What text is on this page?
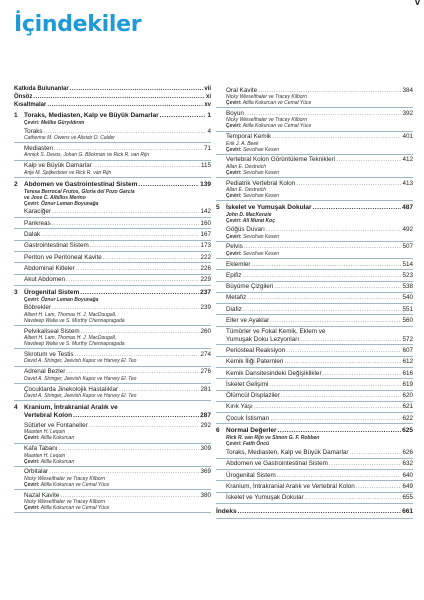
v
İçindekiler
Katkıda Bulunanlar .....	vii
Önsöz .....	xi
Kısaltmalar .....	xv
1 Toraks, Mediasten, Kalp ve Büyük Damarlar .....	1
Çeviri: Melike Güryıldırım
Toraks .....	4
Catherine M. Owens ve Alistair D. Calder
Mediasten .....	71
Annick S. Devos, Johan G. Blickman ve Rick R. van Rijn
Kalp ve Büyük Damarlar .....	115
Anje M. Spijkerboer ve Rick R. van Rijn
2 Abdomen ve Gastrointestinal Sistem .....	139
Teresa Berrocal Frutos, Gloria del Pozo Garcia
ve Jose C. Albillos Merino
Çeviri: Öznur Leman Boyunağa
Karaciğer .....	142
Pankreas .....	160
Dalak .....	167
Gastrointestinal Sistem .....	173
Periton ve Peritoneal Kavite .....	222
Abdominal Kitleler .....	226
Akut Abdomen .....	229
3 Ürogenital Sistem .....	237
Çeviri: Öznur Leman Boyunağa
Böbrekler .....	239
Albert H. Lam, Thomas H. J. MacDougall,
Navdeep Walia ve S. Murthy Chennapragada
Pelvikaliseal Sistem .....	260
Albert H. Lam, Thomas H. J. MacDougall,
Navdeep Walia ve S. Murthy Chennapragada
Skrotum ve Testis .....	274
David A. Stringer, Jeevish Kapur ve Harvey El. Teo
Adrenal Bezler .....	276
David A. Stringer, Jeevish Kapur ve Harvey El. Teo
Çocuklarda Jinekolojik Hastalıklar .....	281
David A. Stringer, Jeevish Kapur ve Harvey El. Teo
4 Kranium, İntrakranial Aralık ve
Vertebral Kolon .....	287
Sütürler ve Fontaneller .....	292
Maarten H. Lequin
Çeviri: Atilla Kokurcan
Kafa Tabanı .....	309
Maarten H. Lequin
Çeviri: Atilla Kokurcan
Orbitalar .....	369
Nicky Wieselthaler ve Tracey Kilborn
Çeviri: Atilla Kokurcan ve Cemal Yüce
Nazal Kavite .....	380
Nicky Wieselthaler ve Tracey Kilborn
Çeviri: Atilla Kokurcan ve Cemal Yüce
Oral Kavite .....	384
Nicky Wieselthaler ve Tracey Kilborn
Çeviri: Atilla Kokurcan ve Cemal Yüce
Boyun .....	392
Nicky Wieselthaler ve Tracey Kilborn
Çeviri: Atilla Kokurcan ve Cemal Yüce
Temporal Kemik .....	401
Erik J. A. Beek
Çeviri: Sevcihan Kesen
Vertebral Kolon Görüntüleme Teknikleri .....	412
Allan E. Oestreich
Çeviri: Sevcihan Kesen
Pediatrik Vertebral Kolon .....	413
Allan E. Oestreich
Çeviri: Sevcihan Kesen
5 İskelet ve Yumuşak Dokular .....	487
John D. MacKenzie
Çeviri: Ali Murat Koç
Göğüs Duvarı .....	492
Çeviri: Sevcihan Kesen
Pelvis .....	507
Çeviri: Sevcihan Kesen
Eklemler .....	514
Epifiz .....	523
Büyüme Çizgileri .....	538
Metafiz .....	540
Diafiz .....	551
Eller ve Ayaklar .....	560
Tümörler ve Fokal Kemik, Eklem ve
Yumuşak Doku Lezyonları .....	572
Periosteal Reaksiyon .....	607
Kemik İliği Paternleri .....	612
Kemik Dansitesindeki Değişiklikler .....	616
İskelet Gelişimi .....	619
Ölümcül Displaziler .....	620
Kırık Yaşı .....	621
Çocuk İstismarı .....	622
6 Normal Değerler .....	625
Rick R. van Rijn ve Simon G. F. Robben
Çeviri: Fatih Öncü
Toraks, Mediasten, Kalp ve Büyük Damarlar .....	626
Abdomen ve Gastrointestinal Sistem .....	632
Ürogenital Sistem .....	640
Kranium, İntrakranial Aralık ve Vertebral Kolon .....	649
İskelet ve Yumuşak Dokular .....	655
İndeks .....	661
